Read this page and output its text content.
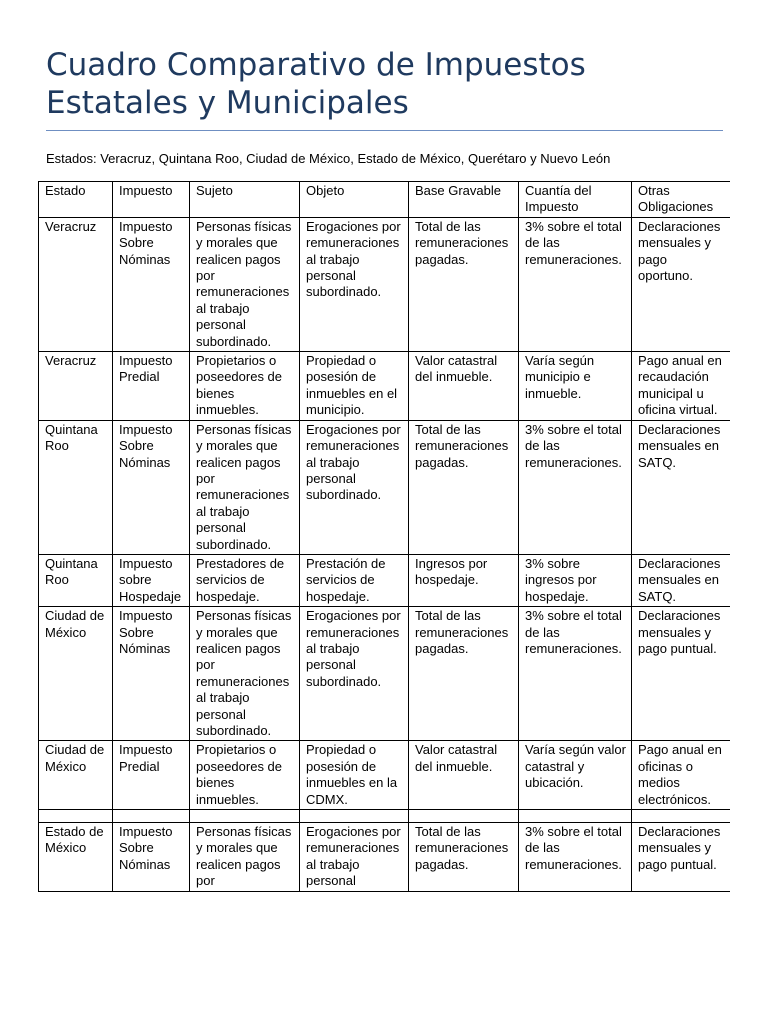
Cuadro Comparativo de Impuestos Estatales y Municipales
Estados: Veracruz, Quintana Roo, Ciudad de México, Estado de México, Querétaro y Nuevo León
Estado	Impuesto	Sujeto	Objeto	Base Gravable	Cuantía del Impuesto	Otras Obligaciones
Veracruz	Impuesto Sobre Nóminas	Personas físicas y morales que realicen pagos por remuneraciones al trabajo personal subordinado.	Erogaciones por remuneraciones al trabajo personal subordinado.	Total de las remuneraciones pagadas.	3% sobre el total de las remuneraciones.	Declaraciones mensuales y pago oportuno.
Veracruz	Impuesto Predial	Propietarios o poseedores de bienes inmuebles.	Propiedad o posesión de inmuebles en el municipio.	Valor catastral del inmueble.	Varía según municipio e inmueble.	Pago anual en recaudación municipal u oficina virtual.
Quintana Roo	Impuesto Sobre Nóminas	Personas físicas y morales que realicen pagos por remuneraciones al trabajo personal subordinado.	Erogaciones por remuneraciones al trabajo personal subordinado.	Total de las remuneraciones pagadas.	3% sobre el total de las remuneraciones.	Declaraciones mensuales en SATQ.
Quintana Roo	Impuesto sobre Hospedaje	Prestadores de servicios de hospedaje.	Prestación de servicios de hospedaje.	Ingresos por hospedaje.	3% sobre ingresos por hospedaje.	Declaraciones mensuales en SATQ.
Ciudad de México	Impuesto Sobre Nóminas	Personas físicas y morales que realicen pagos por remuneraciones al trabajo personal subordinado.	Erogaciones por remuneraciones al trabajo personal subordinado.	Total de las remuneraciones pagadas.	3% sobre el total de las remuneraciones.	Declaraciones mensuales y pago puntual.
Ciudad de México	Impuesto Predial	Propietarios o poseedores de bienes inmuebles.	Propiedad o posesión de inmuebles en la CDMX.	Valor catastral del inmueble.	Varía según valor catastral y ubicación.	Pago anual en oficinas o medios electrónicos.

Estado de México	Impuesto Sobre Nóminas	Personas físicas y morales que realicen pagos por	Erogaciones por remuneraciones al trabajo personal	Total de las remuneraciones pagadas.	3% sobre el total de las remuneraciones.	Declaraciones mensuales y pago puntual.
